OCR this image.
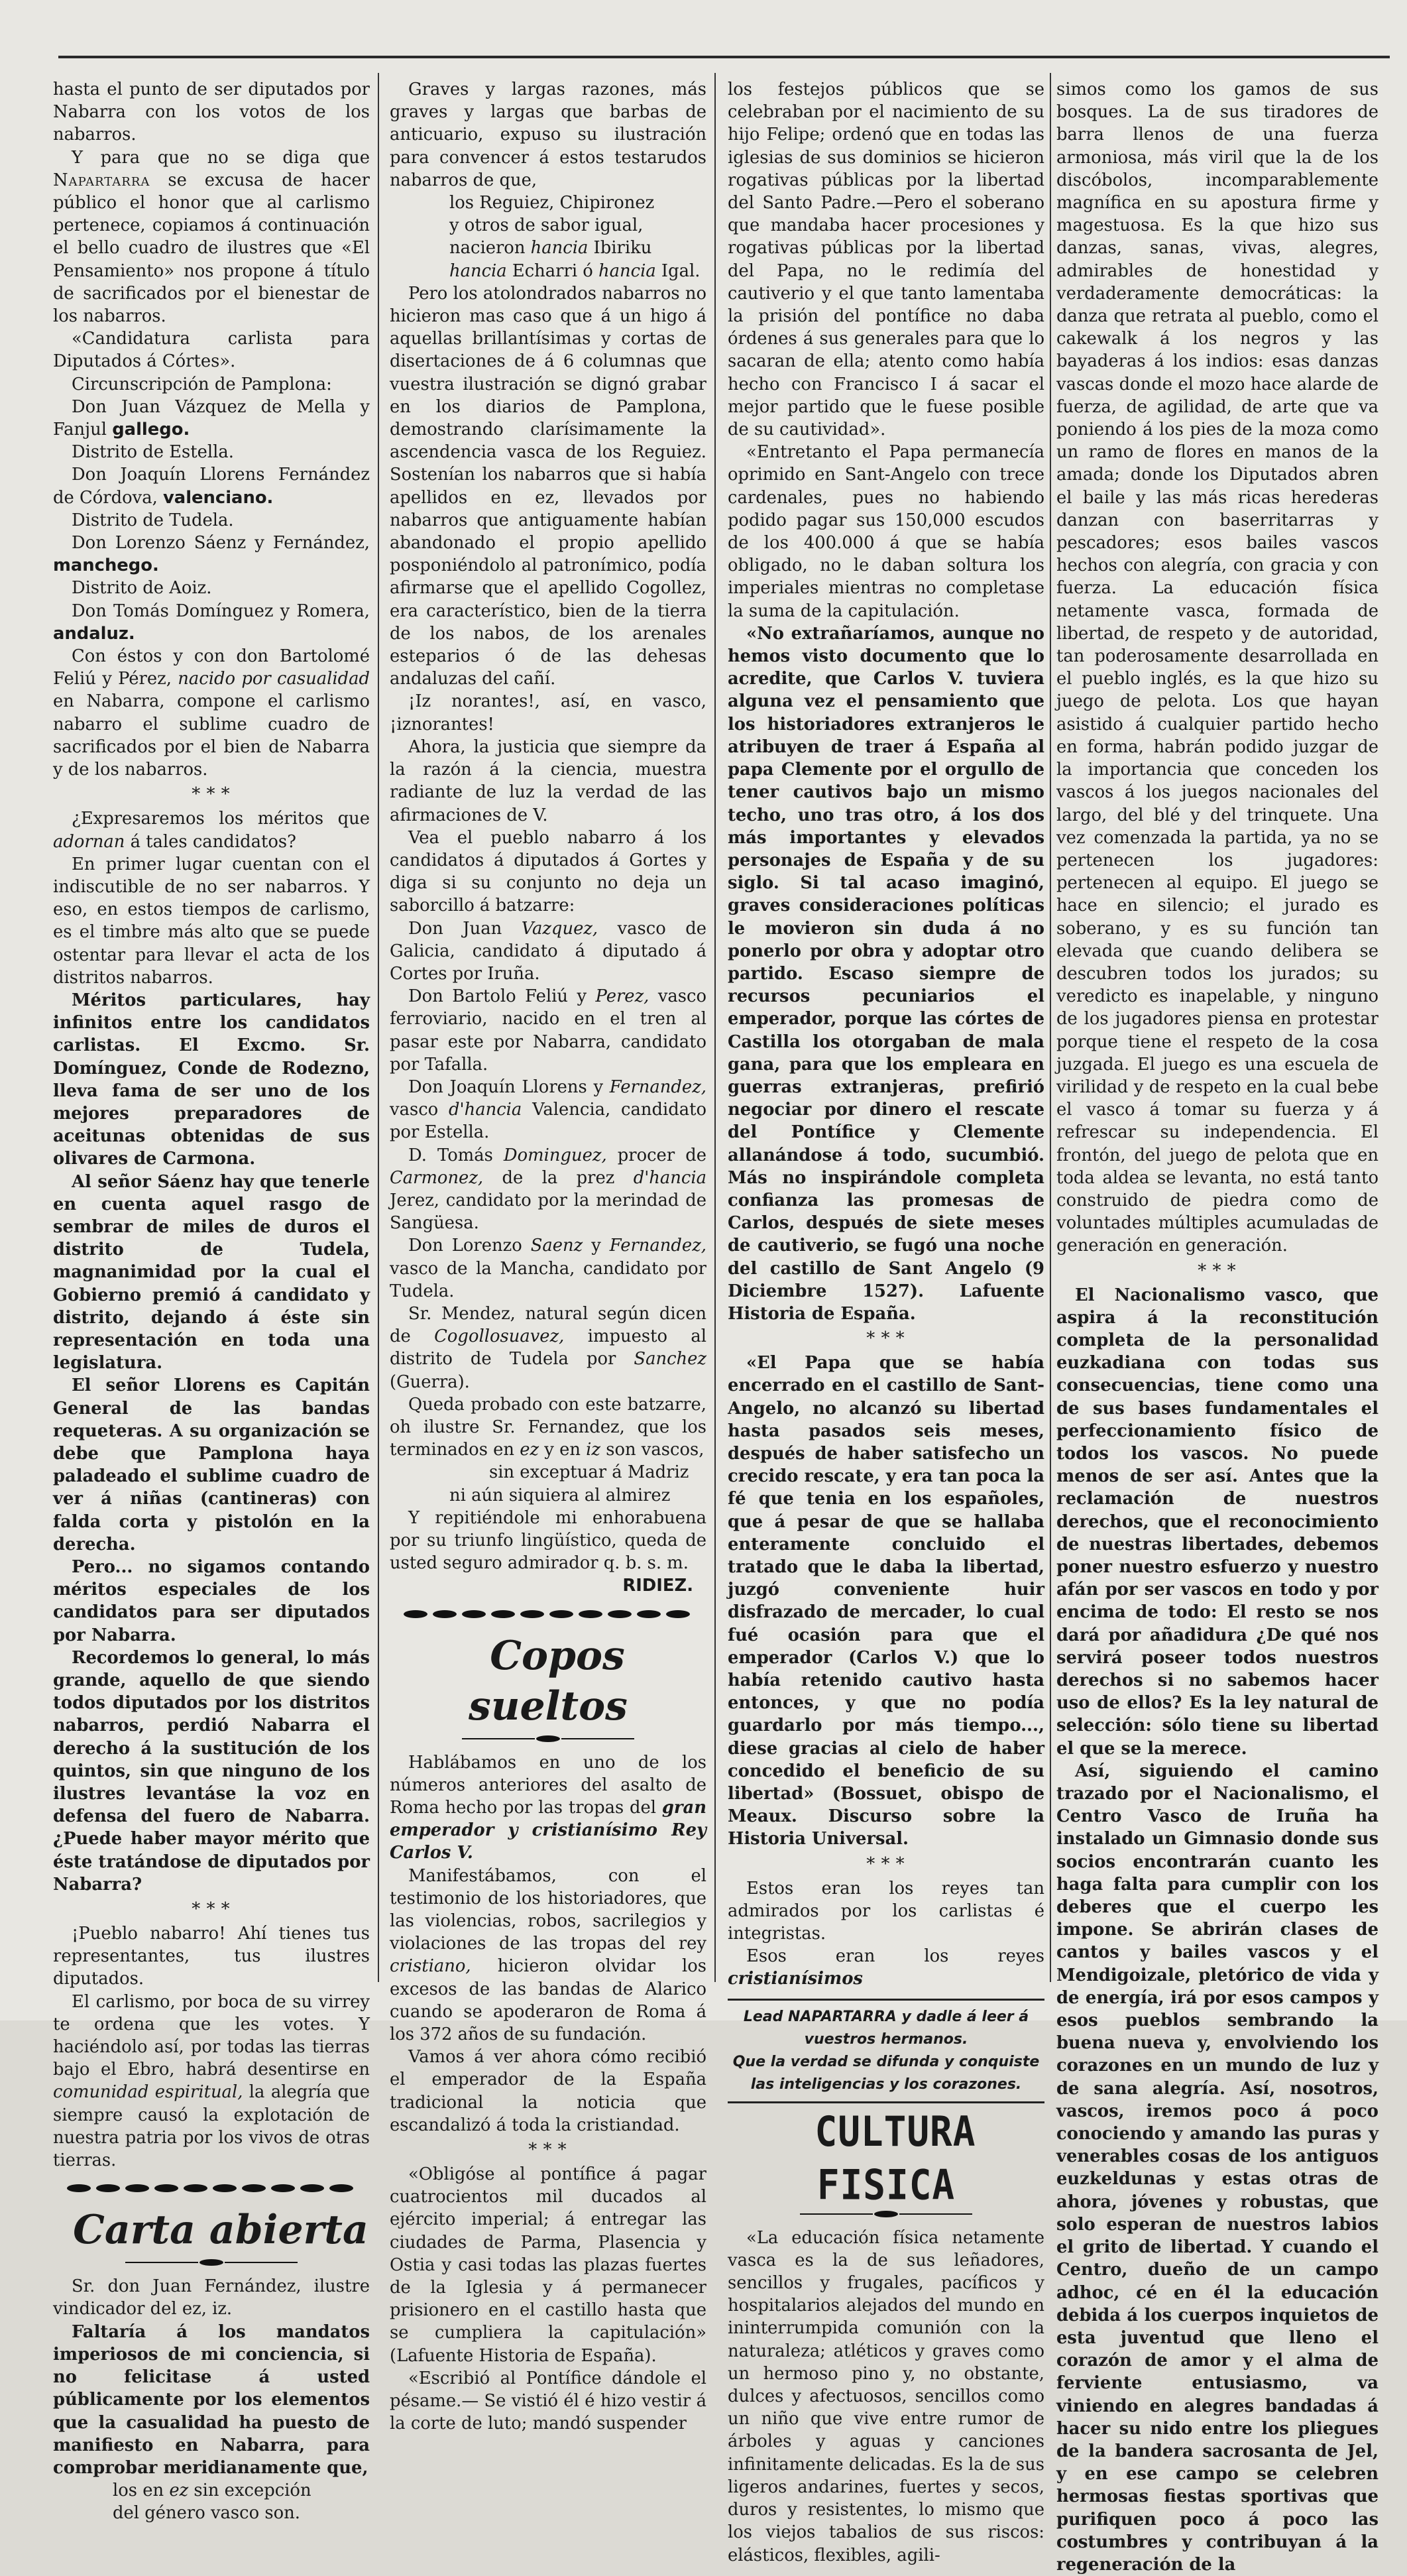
hasta el punto de ser diputados por Nabarra con los votos de los nabarros.

Y para que no se diga que Napartarra se excusa de hacer público el honor que al carlismo pertenece, copiamos á continuación el bello cuadro de ilustres que «El Pensamiento» nos propone á título de sacrificados por el bienestar de los nabarros.

«Candidatura carlista para Diputados á Córtes».

Circunscripción de Pamplona:

Don Juan Vázquez de Mella y Fanjul gallego.

Distrito de Estella.

Don Joaquín Llorens Fernández de Córdova, valenciano.

Distrito de Tudela.

Don Lorenzo Sáenz y Fernández, manchego.

Distrito de Aoiz.

Don Tomás Domínguez y Romera, andaluz.

Con éstos y con don Bartolomé Feliú y Pérez, nacido por casualidad en Nabarra, compone el carlismo nabarro el sublime cuadro de sacrificados por el bien de Nabarra y de los nabarros.

* * *

¿Expresaremos los méritos que adornan á tales candidatos?

En primer lugar cuentan con el indiscutible de no ser nabarros. Y eso, en estos tiempos de carlismo, es el timbre más alto que se puede ostentar para llevar el acta de los distritos nabarros.

Méritos particulares, hay infinitos entre los candidatos carlistas. El Excmo. Sr. Domínguez, Conde de Rodezno, lleva fama de ser uno de los mejores preparadores de aceitunas obtenidas de sus olivares de Carmona.

Al señor Sáenz hay que tenerle en cuenta aquel rasgo de sembrar de miles de duros el distrito de Tudela, magnanimidad por la cual el Gobierno premió á candidato y distrito, dejando á éste sin representación en toda una legislatura.

El señor Llorens es Capitán General de las bandas requeteras. A su organización se debe que Pamplona haya paladeado el sublime cuadro de ver á niñas (cantineras) con falda corta y pistolón en la derecha.

Pero... no sigamos contando méritos especiales de los candidatos para ser diputados por Nabarra.

Recordemos lo general, lo más grande, aquello de que siendo todos diputados por los distritos nabarros, perdió Nabarra el derecho á la sustitución de los quintos, sin que ninguno de los ilustres levantáse la voz en defensa del fuero de Nabarra. ¿Puede haber mayor mérito que éste tratándose de diputados por Nabarra?

* * *

¡Pueblo nabarro! Ahí tienes tus representantes, tus ilustres diputados.

El carlismo, por boca de su virrey te ordena que les votes. Y haciéndolo así, por todas las tierras bajo el Ebro, habrá desentirse en comunidad espiritual, la alegría que siempre causó la explotación de nuestra patria por los vivos de otras tierras.

Carta abierta

Sr. don Juan Fernández, ilustre vindicador del ez, iz.

Faltaría á los mandatos imperiosos de mi conciencia, si no felicitase á usted públicamente por los elementos que la casualidad ha puesto de manifiesto en Nabarra, para comprobar meridianamente que,

los en ez sin excepción

del género vasco son.

Graves y largas razones, más graves y largas que barbas de anticuario, expuso su ilustración para convencer á estos testarudos nabarros de que,

los Reguiez, Chipironez

y otros de sabor igual,

nacieron hancia Ibiriku

hancia Echarri ó hancia Igal.

Pero los atolondrados nabarros no hicieron mas caso que á un higo á aquellas brillantísimas y cortas de disertaciones de á 6 columnas que vuestra ilustración se dignó grabar en los diarios de Pamplona, demostrando clarísimamente la ascendencia vasca de los Reguiez. Sostenían los nabarros que si había apellidos en ez, llevados por nabarros que antiguamente habían abandonado el propio apellido posponiéndolo al patronímico, podía afirmarse que el apellido Cogollez, era característico, bien de la tierra de los nabos, de los arenales esteparios ó de las dehesas andaluzas del cañí.

¡Iz norantes!, así, en vasco, ¡iznorantes!

Ahora, la justicia que siempre da la razón á la ciencia, muestra radiante de luz la verdad de las afirmaciones de V.

Vea el pueblo nabarro á los candidatos á diputados á Gortes y diga si su conjunto no deja un saborcillo á batzarre:

Don Juan Vazquez, vasco de Galicia, candidato á diputado á Cortes por Iruña.

Don Bartolo Feliú y Perez, vasco ferroviario, nacido en el tren al pasar este por Nabarra, candidato por Tafalla.

Don Joaquín Llorens y Fernandez, vasco d'hancia Valencia, candidato por Estella.

D. Tomás Dominguez, procer de Carmonez, de la prez d'hancia Jerez, candidato por la merindad de Sangüesa.

Don Lorenzo Saenz y Fernandez, vasco de la Mancha, candidato por Tudela.

Sr. Mendez, natural según dicen de Cogollosuavez, impuesto al distrito de Tudela por Sanchez (Guerra).

Queda probado con este batzarre, oh ilustre Sr. Fernandez, que los terminados en ez y en iz son vascos,

sin exceptuar á Madriz

ni aún siquiera al almirez

Y repitiéndole mi enhorabuena por su triunfo lingüístico, queda de usted seguro admirador q. b. s. m.

RIDIEZ.

Copos sueltos

Hablábamos en uno de los números anteriores del asalto de Roma hecho por las tropas del gran emperador y cristianísimo Rey Carlos V.

Manifestábamos, con el testimonio de los historiadores, que las violencias, robos, sacrilegios y violaciones de las tropas del rey cristiano, hicieron olvidar los excesos de las bandas de Alarico cuando se apoderaron de Roma á los 372 años de su fundación.

Vamos á ver ahora cómo recibió el emperador de la España tradicional la noticia que escandalizó á toda la cristiandad.

* * *

«Obligóse al pontífice á pagar cuatrocientos mil ducados al ejército imperial; á entregar las ciudades de Parma, Plasencia y Ostia y casi todas las plazas fuertes de la Iglesia y á permanecer prisionero en el castillo hasta que se cumpliera la capitulación» (Lafuente Historia de España).

«Escribió al Pontífice dándole el pésame.— Se vistió él é hizo vestir á la corte de luto; mandó suspender

los festejos públicos que se celebraban por el nacimiento de su hijo Felipe; ordenó que en todas las iglesias de sus dominios se hicieron rogativas públicas por la libertad del Santo Padre.—Pero el soberano que mandaba hacer procesiones y rogativas públicas por la libertad del Papa, no le redimía del cautiverio y el que tanto lamentaba la prisión del pontífice no daba órdenes á sus generales para que lo sacaran de ella; atento como había hecho con Francisco I á sacar el mejor partido que le fuese posible de su cautividad».

«Entretanto el Papa permanecía oprimido en Sant-Angelo con trece cardenales, pues no habiendo podido pagar sus 150,000 escudos de los 400.000 á que se había obligado, no le daban soltura los imperiales mientras no completase la suma de la capitulación.

«No extrañaríamos, aunque no hemos visto documento que lo acredite, que Carlos V. tuviera alguna vez el pensamiento que los historiadores extranjeros le atribuyen de traer á España al papa Clemente por el orgullo de tener cautivos bajo un mismo techo, uno tras otro, á los dos más importantes y elevados personajes de España y de su siglo. Si tal acaso imaginó, graves consideraciones políticas le movieron sin duda á no ponerlo por obra y adoptar otro partido. Escaso siempre de recursos pecuniarios el emperador, porque las córtes de Castilla los otorgaban de mala gana, para que los empleara en guerras extranjeras, prefirió negociar por dinero el rescate del Pontífice y Clemente allanándose á todo, sucumbió. Más no inspirándole completa confianza las promesas de Carlos, después de siete meses de cautiverio, se fugó una noche del castillo de Sant Angelo (9 Diciembre 1527). Lafuente Historia de España.

* * *

«El Papa que se había encerrado en el castillo de Sant-Angelo, no alcanzó su libertad hasta pasados seis meses, después de haber satisfecho un crecido rescate, y era tan poca la fé que tenia en los españoles, que á pesar de que se hallaba enteramente concluido el tratado que le daba la libertad, juzgó conveniente huir disfrazado de mercader, lo cual fué ocasión para que el emperador (Carlos V.) que lo había retenido cautivo hasta entonces, y que no podía guardarlo por más tiempo..., diese gracias al cielo de haber concedido el beneficio de su libertad» (Bossuet, obispo de Meaux. Discurso sobre la Historia Universal.

* * *

Estos eran los reyes tan admirados por los carlistas é integristas.

Esos eran los reyes cristianísimos

Lead NAPARTARRA y dadle á leer á vuestros hermanos.
Que la verdad se difunda y conquiste las inteligencias y los corazones.

CULTURA FISICA

«La educación física netamente vasca es la de sus leñadores, sencillos y frugales, pacíficos y hospitalarios alejados del mundo en ininterrumpida comunión con la naturaleza; atléticos y graves como un hermoso pino y, no obstante, dulces y afectuosos, sencillos como un niño que vive entre rumor de árboles y aguas y canciones infinitamente delicadas. Es la de sus ligeros andarines, fuertes y secos, duros y resistentes, lo mismo que los viejos tabalios de sus riscos: elásticos, flexibles, agili-

simos como los gamos de sus bosques. La de sus tiradores de barra llenos de una fuerza armoniosa, más viril que la de los discóbolos, incomparablemente magnífica en su apostura firme y magestuosa. Es la que hizo sus danzas, sanas, vivas, alegres, admirables de honestidad y verdaderamente democráticas: la danza que retrata al pueblo, como el cakewalk á los negros y las bayaderas á los indios: esas danzas vascas donde el mozo hace alarde de fuerza, de agilidad, de arte que va poniendo á los pies de la moza como un ramo de flores en manos de la amada; donde los Diputados abren el baile y las más ricas herederas danzan con baserritarras y pescadores; esos bailes vascos hechos con alegría, con gracia y con fuerza. La educación física netamente vasca, formada de libertad, de respeto y de autoridad, tan poderosamente desarrollada en el pueblo inglés, es la que hizo su juego de pelota. Los que hayan asistido á cualquier partido hecho en forma, habrán podido juzgar de la importancia que conceden los vascos á los juegos nacionales del largo, del blé y del trinquete. Una vez comenzada la partida, ya no se pertenecen los jugadores: pertenecen al equipo. El juego se hace en silencio; el jurado es soberano, y es su función tan elevada que cuando delibera se descubren todos los jurados; su veredicto es inapelable, y ninguno de los jugadores piensa en protestar porque tiene el respeto de la cosa juzgada. El juego es una escuela de virilidad y de respeto en la cual bebe el vasco á tomar su fuerza y á refrescar su independencia. El frontón, del juego de pelota que en toda aldea se levanta, no está tanto construido de piedra como de voluntades múltiples acumuladas de generación en generación.

* * *

El Nacionalismo vasco, que aspira á la reconstitución completa de la personalidad euzkadiana con todas sus consecuencias, tiene como una de sus bases fundamentales el perfeccionamiento físico de todos los vascos. No puede menos de ser así. Antes que la reclamación de nuestros derechos, que el reconocimiento de nuestras libertades, debemos poner nuestro esfuerzo y nuestro afán por ser vascos en todo y por encima de todo: El resto se nos dará por añadidura ¿De qué nos servirá poseer todos nuestros derechos si no sabemos hacer uso de ellos? Es la ley natural de selección: sólo tiene su libertad el que se la merece.

Así, siguiendo el camino trazado por el Nacionalismo, el Centro Vasco de Iruña ha instalado un Gimnasio donde sus socios encontrarán cuanto les haga falta para cumplir con los deberes que el cuerpo les impone. Se abrirán clases de cantos y bailes vascos y el Mendigoizale, pletórico de vida y de energía, irá por esos campos y esos pueblos sembrando la buena nueva y, envolviendo los corazones en un mundo de luz y de sana alegría. Así, nosotros, vascos, iremos poco á poco conociendo y amando las puras y venerables cosas de los antiguos euzkeldunas y estas otras de ahora, jóvenes y robustas, que solo esperan de nuestros labios el grito de libertad. Y cuando el Centro, dueño de un campo adhoc, cé en él la educación debida á los cuerpos inquietos de esta juventud que lleno el corazón de amor y el alma de ferviente entusiasmo, va viniendo en alegres bandadas á hacer su nido entre los pliegues de la bandera sacrosanta de Jel, y en ese campo se celebren hermosas fiestas sportivas que purifiquen poco á poco las costumbres y contribuyan á la regeneración de la
